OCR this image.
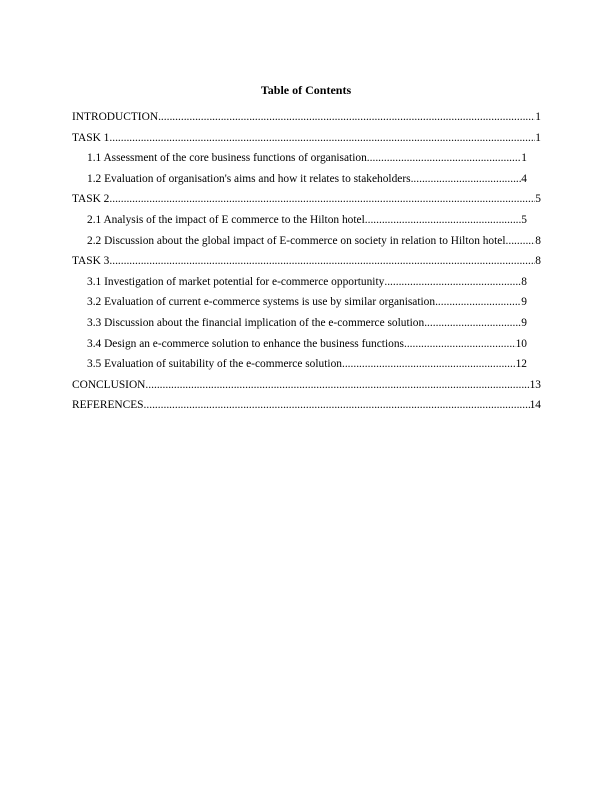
Table of Contents
INTRODUCTION .....	1
TASK 1 .....	1
1.1 Assessment of the core business functions of organisation .....	1
1.2 Evaluation of organisation's aims and how it relates to stakeholders .....	4
TASK 2 .....	5
2.1 Analysis of the impact of E commerce to the Hilton hotel .....	5
2.2 Discussion about the global impact of E-commerce on society in relation to Hilton hotel .....	8
TASK 3 .....	8
3.1 Investigation of market potential for e-commerce opportunity .....	8
3.2 Evaluation of current e-commerce systems is use by similar organisation .....	9
3.3 Discussion about the financial implication of the e-commerce solution .....	9
3.4 Design an e-commerce solution to enhance the business functions .....	10
3.5 Evaluation of suitability of the e-commerce solution .....	12
CONCLUSION .....	13
REFERENCES .....	14
